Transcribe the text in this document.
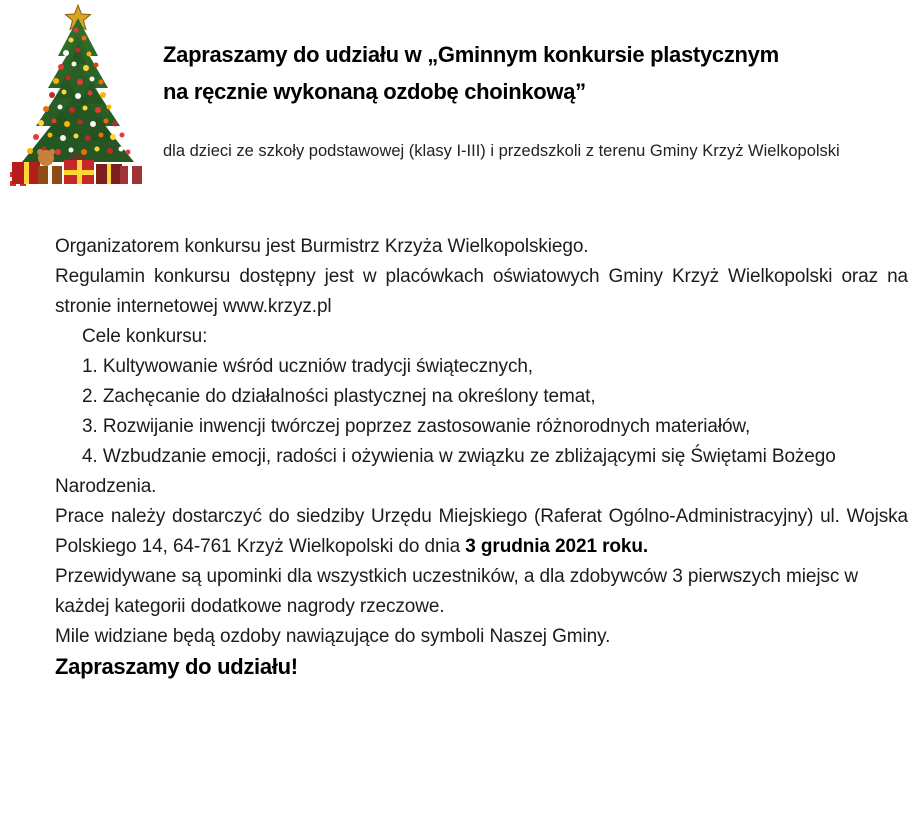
Zapraszamy do udziału w „Gminnym konkursie plastycznym
na ręcznie wykonaną ozdobę choinkową”
dla dzieci ze szkoły podstawowej (klasy I-III) i przedszkoli z terenu Gminy Krzyż Wielkopolski

Organizatorem konkursu jest Burmistrz Krzyża Wielkopolskiego.

Regulamin konkursu dostępny jest w placówkach oświatowych Gminy Krzyż Wielkopolski oraz na stronie internetowej www.krzyz.pl

Cele konkursu:

1. Kultywowanie wśród uczniów tradycji świątecznych,

2. Zachęcanie do działalności plastycznej na określony temat,

3. Rozwijanie inwencji twórczej poprzez zastosowanie różnorodnych materiałów,

4. Wzbudzanie emocji, radości i ożywienia w związku ze zbliżającymi się Świętami Bożego Narodzenia.

Prace należy dostarczyć do siedziby Urzędu Miejskiego (Raferat Ogólno-Administracyjny) ul. Wojska Polskiego 14, 64-761 Krzyż Wielkopolski do dnia 3 grudnia 2021 roku.

Przewidywane są upominki dla wszystkich uczestników, a dla zdobywców 3 pierwszych miejsc w każdej kategorii dodatkowe nagrody rzeczowe.

Mile widziane będą ozdoby nawiązujące do symboli Naszej Gminy.

Zapraszamy do udziału!
